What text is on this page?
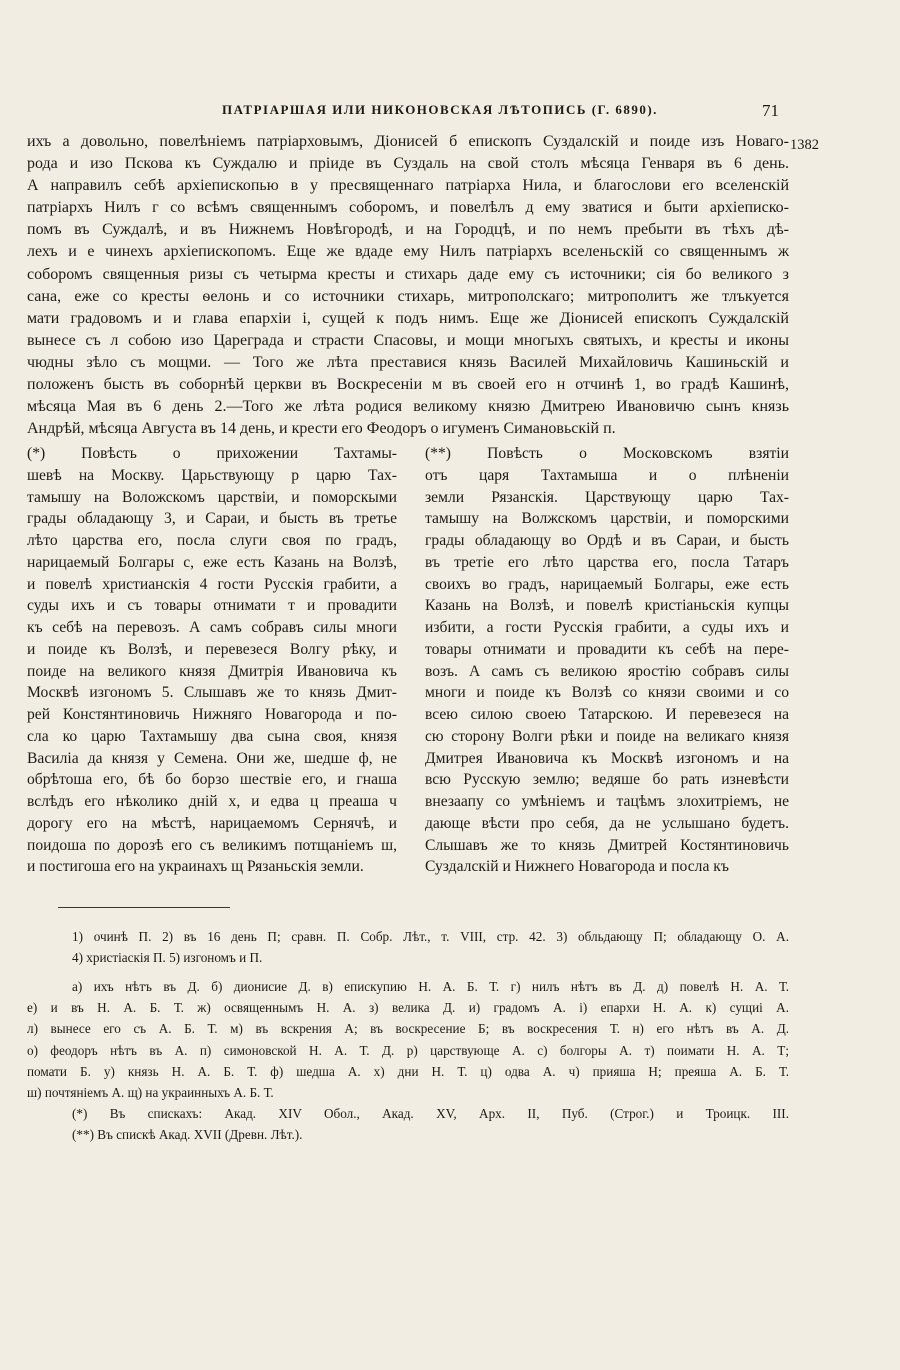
ПАТРІАРШАЯ ИЛИ НИКОНОВСКАЯ ЛѢТОПИСЬ (Г. 6890).	71
1382
ихъ а довольно, повелѣніемъ патріарховымъ, Діонисей б епископъ Суздалскій и поиде изъ Новаго-
рода и изо Пскова къ Суждалю и пріиде въ Суздаль на свой столъ мѣсяца Генваря въ 6 день.
А направилъ себѣ архіепископью в у пресвященнаго патріарха Нила, и благослови его вселенскій
патріархъ Нилъ г со всѣмъ священнымъ соборомъ, и повелѣлъ д ему зватися и быти архіеписко-
помъ въ Суждалѣ, и въ Нижнемъ Новѣгородѣ, и на Городцѣ, и по немъ пребыти въ тѣхъ дѣ-
лехъ и е чинехъ архіепископомъ. Еще же вдаде ему Нилъ патріархъ вселеньскій со священнымъ ж
соборомъ священныя ризы съ четырма кресты и стихарь даде ему съ источники; сія бо великого з
сана, еже со кресты ѳелонь и со источники стихарь, митрополскаго; митрополитъ же тлъкуется
мати градовомъ и и глава епархіи і, сущей к подъ нимъ. Еще же Діонисей епископъ Суждалскій
вынесе съ л собою изо Цареграда и страсти Спасовы, и мощи многыхъ святыхъ, и кресты и иконы
чюдны зѣло съ мощми. — Того же лѣта преставися князь Василей Михайловичь Кашиньскій и
положенъ бысть въ соборнѣй церкви въ Воскресеніи м въ своей его н отчинѣ 1, во градѣ Кашинѣ,
мѣсяца Мая въ 6 день 2.—Того же лѣта родися великому князю Дмитрею Ивановичю сынъ князь
Андрѣй, мѣсяца Августа въ 14 день, и крести его Феодоръ о игуменъ Симановьскій п.
(*) Повѣсть о прихожении Тахтамы-
шевѣ на Москву. Царьствующу р царю Тах-
тамышу на Воложскомъ царствіи, и поморскыми
грады обладающу 3, и Сараи, и бысть въ третье
лѣто царства его, посла слуги своя по градъ,
нарицаемый Болгары с, еже есть Казань на Волзѣ,
и повелѣ христианскія 4 гости Русскія грабити, а
суды ихъ и съ товары отнимати т и провадити
къ себѣ на перевозъ. А самъ собравъ силы многи
и поиде къ Волзѣ, и перевезеся Волгу рѣку, и
поиде на великого князя Дмитрія Ивановича къ
Москвѣ изгономъ 5. Слышавъ же то князь Дмит-
рей Констянтиновичь Нижняго Новагорода и по-
сла ко царю Тахтамышу два сына своя, князя
Василіа да князя у Семена. Они же, шедше ф, не
обрѣтоша его, бѣ бо борзо шествіе его, и гнаша
вслѣдъ его нѣколико дній х, и едва ц преаша ч
дорогу его на мѣстѣ, нарицаемомъ Сернячѣ, и
поидоша по дорозѣ его съ великимъ потщаніемъ ш,
и постигоша его на украинахъ щ Рязаньскія земли.
(**) Повѣсть о Московскомъ взятіи
отъ царя Тахтамыша и о плѣненіи
земли Рязанскія. Царствующу царю Тах-
тамышу на Волжскомъ царствіи, и поморскими
грады обладающу во Ордѣ и въ Сараи, и бысть
въ третіе его лѣто царства его, посла Татаръ
своихъ во градъ, нарицаемый Болгары, еже есть
Казань на Волзѣ, и повелѣ кристіаньскія купцы
избити, а гости Русскія грабити, а суды ихъ и
товары отнимати и провадити къ себѣ на пере-
возъ. А самъ съ великою яростію собравъ силы
многи и поиде къ Волзѣ со князи своими и со
всею силою своею Татарскою. И перевезеся на
сю сторону Волги рѣки и поиде на великаго князя
Дмитрея Ивановича къ Москвѣ изгономъ и на
всю Русскую землю; ведяше бо рать изневѣсти
внезаапу со умѣніемъ и тацѣмъ злохитріемъ, не
дающе вѣсти про себя, да не услышано будетъ.
Слышавъ же то князь Дмитрей Костянтиновичь
Суздалскій и Нижнего Новагорода и посла къ
1) очинѣ П. 2) въ 16 день П; сравн. П. Собр. Лѣт., т. VIII, стр. 42. 3) обльдающу П; обладающу О. А.
4) христіаскія П. 5) изгономъ и П.
а) ихъ нѣтъ въ Д. б) дионисие Д. в) епискупию Н. А. Б. Т. г) нилъ нѣтъ въ Д. д) повелѣ Н. А. Т.
е) и въ Н. А. Б. Т. ж) освященнымъ Н. А. з) велика Д. и) градомъ А. і) епархи Н. А. к) сущиі А.
л) вынесе его съ А. Б. Т. м) въ вскрения А; въ воскресение Б; въ воскресения Т. н) его нѣтъ въ А. Д.
о) феодоръ нѣтъ въ А. п) симоновской Н. А. Т. Д. р) царствующе А. с) болгоры А. т) поимати Н. А. Т;
помати Б. у) князь Н. А. Б. Т. ф) шедша А. х) дни Н. Т. ц) одва А. ч) прияша Н; преяша А. Б. Т.
ш) почтяніемъ А. щ) на украинныхъ А. Б. Т.
(*) Въ спискахъ: Акад. XIV Обол., Акад. XV, Арх. II, Пуб. (Строг.) и Троицк. III.
(**) Въ спискѣ Акад. XVII (Древн. Лѣт.).
